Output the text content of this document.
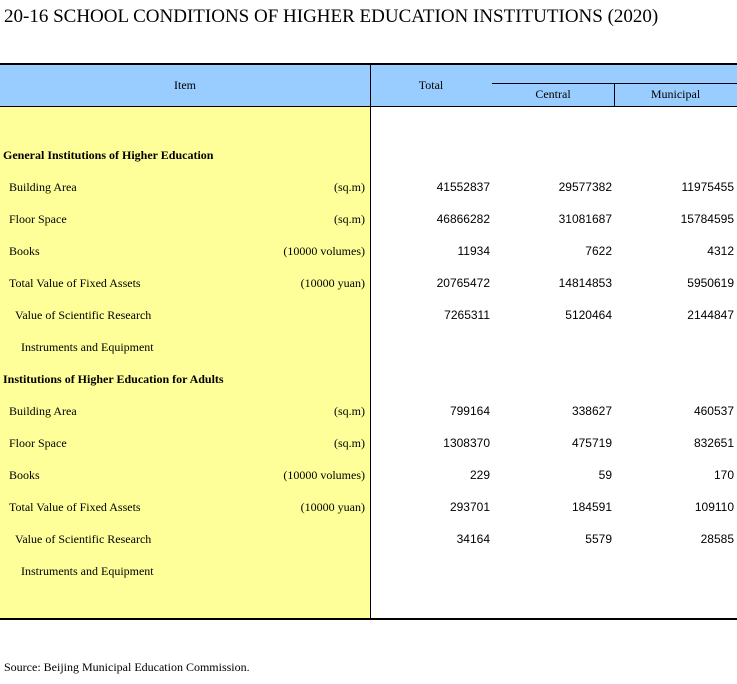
20-16 SCHOOL CONDITIONS OF HIGHER EDUCATION INSTITUTIONS (2020)
Item	Total
Central	Municipal
General Institutions of Higher Education
Building Area	(sq.m)	41552837	29577382	11975455
Floor Space	(sq.m)	46866282	31081687	15784595
Books	(10000 volumes)	11934	7622	4312
Total Value of Fixed Assets	(10000 yuan)	20765472	14814853	5950619
Value of Scientific Research	7265311	5120464	2144847
Instruments and Equipment
Institutions of Higher Education for Adults
Building Area	(sq.m)	799164	338627	460537
Floor Space	(sq.m)	1308370	475719	832651
Books	(10000 volumes)	229	59	170
Total Value of Fixed Assets	(10000 yuan)	293701	184591	109110
Value of Scientific Research	34164	5579	28585
Instruments and Equipment
Source: Beijing Municipal Education Commission.
